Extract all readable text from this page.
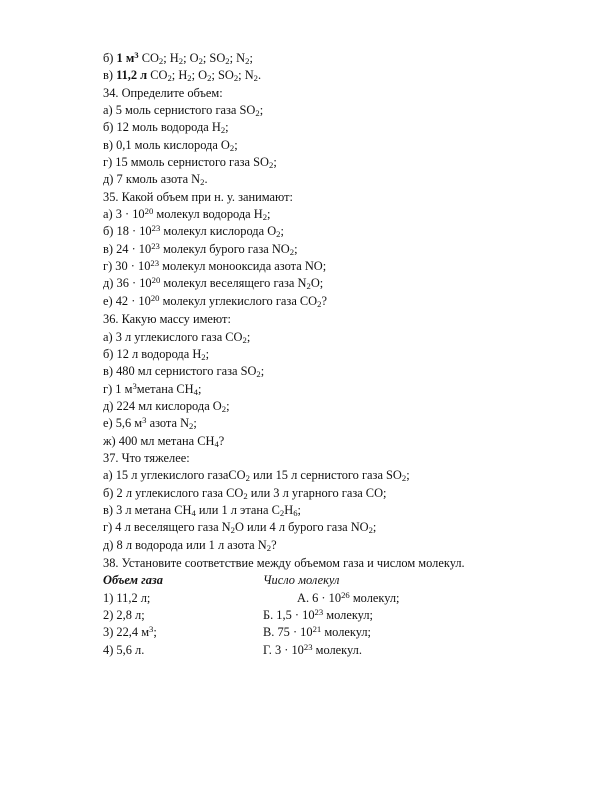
б) 1 $м^3$ $CO_2$; $H_2$; $O_2$; $SO_2$; $N_2$;
в) 11,2 л $CO_2$; $H_2$; $O_2$; $SO_2$; $N_2$.
34. Определите объем:
а) 5 моль сернистого газа $SO_2$;
б) 12 моль водорода $H_2$;
в) 0,1 моль кислорода $O_2$;
г) 15 ммоль сернистого газа $SO_2$;
д) 7 кмоль азота $N_2$.
35. Какой объем при н. у. занимают:
а) $3 \cdot 10^{20}$ молекул водорода $H_2$;
б) $18 \cdot 10^{23}$ молекул кислорода $O_2$;
в) $24 \cdot 10^{23}$ молекул бурого газа $NO_2$;
г) $30 \cdot 10^{23}$ молекул монооксида азота NO;
д) $36 \cdot 10^{20}$ молекул веселящего газа $N_2O$;
е) $42 \cdot 10^{20}$ молекул углекислого газа $CO_2$?
36. Какую массу имеют:
а) 3 л углекислого газа $CO_2$;
б) 12 л водорода $H_2$;
в) 480 мл сернистого газа $SO_2$;
г) 1 $м^3метана$ $CH_4$;
д) 224 мл кислорода $O_2$;
е) 5,6 $м^3$ азота $N_2$;
ж) 400 мл метана $CH_4$?
37. Что тяжелее:
а) 15 л углекислого газаCO$_2$ или 15 л сернистого газа $SO_2$;
б) 2 л углекислого газа $CO_2$ или 3 л угарного газа CO;
в) 3 л метана $CH_4$ или 1 л этана $C_2H_6$;
г) 4 л веселящего газа $N_2O$ или 4 л бурого газа $NO_2$;
д) 8 л водорода или 1 л азота $N_2$?
38. Установите соответствие между объемом газа и числом молекул.
Объем газа	Число молекул
1) 11,2 л;	А. $6 \cdot 10^{26}$ молекул;
2) 2,8 л;	Б. $1,5 \cdot 10^{23}$ молекул;
3) 22,4 $м^3$;	В. $75 \cdot 10^{21}$ молекул;
4) 5,6 л.	Г. $3 \cdot 10^{23}$ молекул.
